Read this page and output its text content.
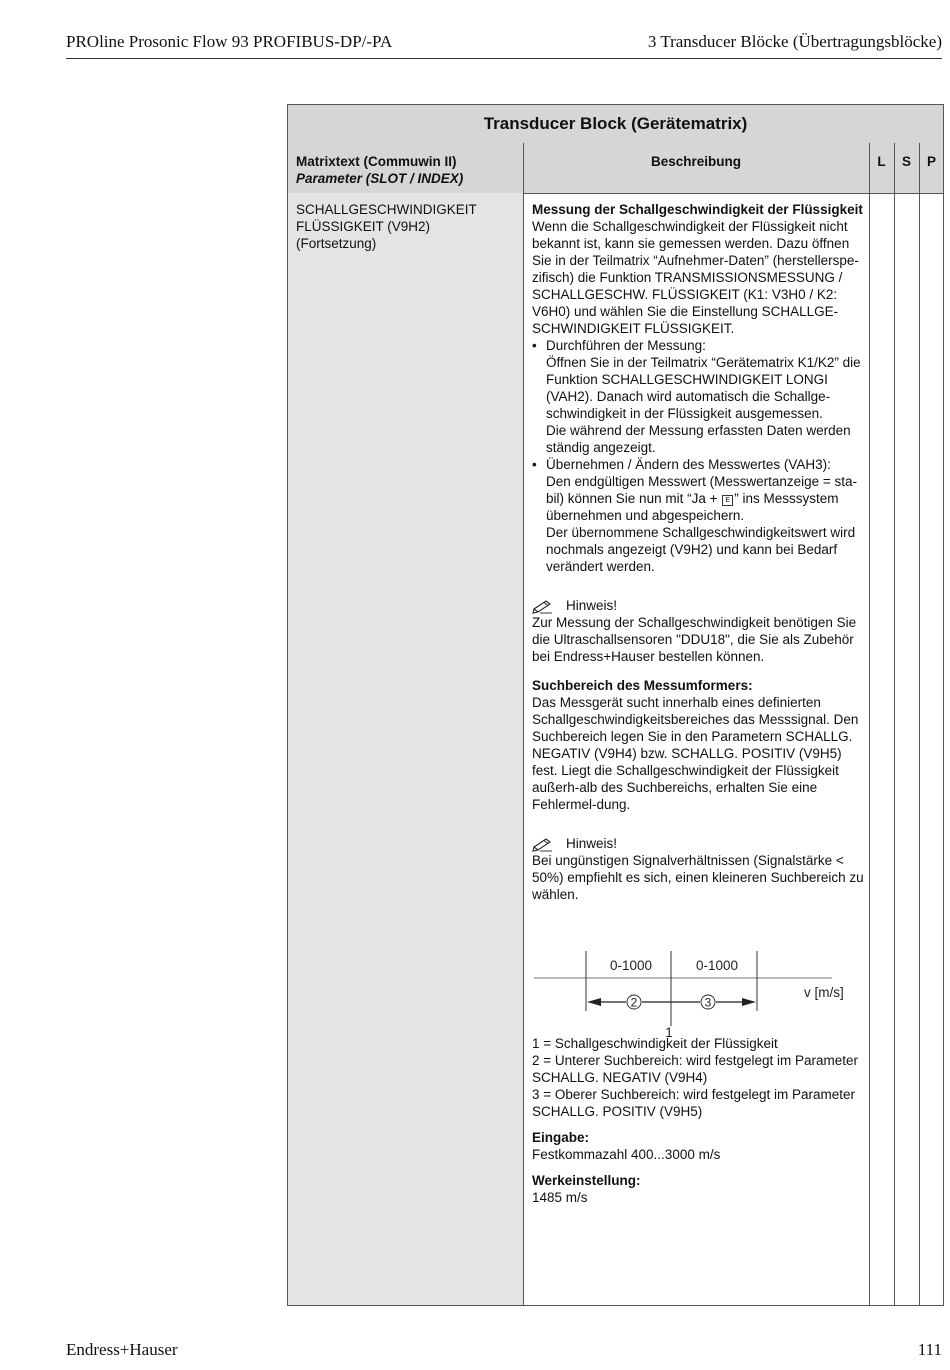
PROline Prosonic Flow 93 PROFIBUS-DP/-PA	3 Transducer Blöcke (Übertragungsblöcke)
Transducer Block (Gerätematrix)
Matrixtext (Commuwin II)
Parameter (SLOT / INDEX)
Beschreibung	L	S	P
SCHALLGESCHWINDIGKEIT
FLÜSSIGKEIT (V9H2)
(Fortsetzung)

Messung der Schallgeschwindigkeit der Flüssigkeit

Wenn die Schallgeschwindigkeit der Flüssigkeit nicht bekannt ist, kann sie gemessen werden. Dazu öffnen Sie in der Teilmatrix “Aufnehmer-Daten” (herstellerspe-zifisch) die Funktion TRANSMISSIONSMESSUNG / SCHALLGESCHW. FLÜSSIGKEIT (K1: V3H0 / K2: V6H0) und wählen Sie die Einstellung SCHALLGE-SCHWINDIGKEIT FLÜSSIGKEIT.

• Durchführen der Messung:
Öffnen Sie in der Teilmatrix “Gerätematrix K1/K2” die Funktion SCHALLGESCHWINDIGKEIT LONGI (VAH2). Danach wird automatisch die Schallge-schwindigkeit in der Flüssigkeit ausgemessen.
Die während der Messung erfassten Daten werden ständig angezeigt.
• Übernehmen / Ändern des Messwertes (VAH3):
Den endgültigen Messwert (Messwertanzeige = sta-bil) können Sie nun mit “Ja + E ” ins Messsystem übernehmen und abgespeichern.
Der übernommene Schallgeschwindigkeitswert wird nochmals angezeigt (V9H2) und kann bei Bedarf verändert werden.
Hinweis!

Zur Messung der Schallgeschwindigkeit benötigen Sie die Ultraschallsensoren "DDU18", die Sie als Zubehör bei Endress+Hauser bestellen können.

Suchbereich des Messumformers:

Das Messgerät sucht innerhalb eines definierten Schallgeschwindigkeitsbereiches das Messsignal. Den Suchbereich legen Sie in den Parametern SCHALLG. NEGATIV (V9H4) bzw. SCHALLG. POSITIV (V9H5) fest. Liegt die Schallgeschwindigkeit der Flüssigkeit außerh-alb des Suchbereichs, erhalten Sie eine Fehlermel-dung.

Hinweis!

Bei ungünstigen Signalverhältnissen (Signalstärke < 50%) empfiehlt es sich, einen kleineren Suchbereich zu wählen.

0-1000	0-1000
v [m/s]
2	3
1

1 = Schallgeschwindigkeit der Flüssigkeit

2 = Unterer Suchbereich: wird festgelegt im Parameter SCHALLG. NEGATIV (V9H4)

3 = Oberer Suchbereich: wird festgelegt im Parameter SCHALLG. POSITIV (V9H5)

Eingabe:

Festkommazahl 400...3000 m/s

Werkeinstellung:

1485 m/s

Endress+Hauser	111
